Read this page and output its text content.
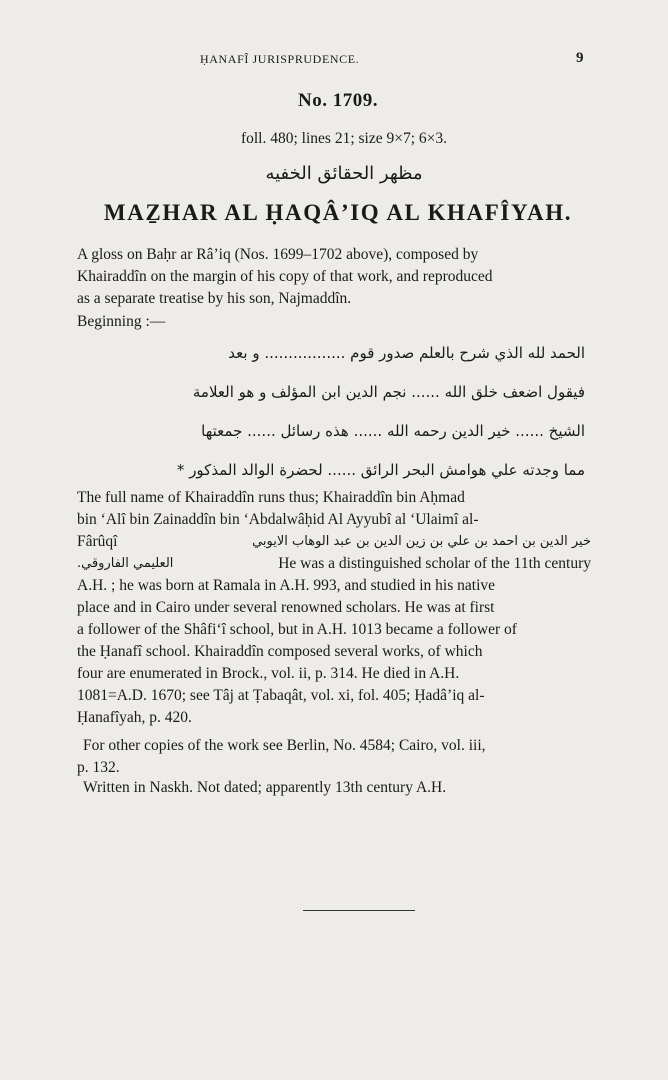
ḤANAFÎ JURISPRUDENCE.	9
No. 1709.
foll. 480; lines 21; size 9×7; 6×3.
مظهر الحقائق الخفيه
MAẔHAR AL ḤAQÂ’IQ AL KHAFÎYAH.
A gloss on Baḥr ar Râ’iq (Nos. 1699–1702 above), composed by
Khairaddîn on the margin of his copy of that work, and reproduced
as a separate treatise by his son, Najmaddîn.
Beginning :—
الحمد لله الذي شرح بالعلم صدور قوم ................. و بعد
فيقول اضعف خلق الله ...... نجم الدين ابن المؤلف و هو العلامة
الشيخ ...... خير الدين رحمه الله ...... هذه رسائل ...... جمعتها
مما وجدته علي هوامش البحر الرائق ...... لحضرة الوالد المذكور *
The full name of Khairaddîn runs thus; Khairaddîn bin Aḥmad
bin ‘Alî bin Zainaddîn bin ‘Abdalwâḥid Al Ayyubî al ‘Ulaimî al-
Fârûqî	خير الدين بن احمد بن علي بن زين الدين بن عبد الوهاب الايوبي
العليمي الفاروقي.	He was a distinguished scholar of the 11th century
A.H. ; he was born at Ramala in A.H. 993, and studied in his native
place and in Cairo under several renowned scholars. He was at first
a follower of the Shâfi‘î school, but in A.H. 1013 became a follower of
the Ḥanafî school. Khairaddîn composed several works, of which
four are enumerated in Brock., vol. ii, p. 314. He died in A.H.
1081=A.D. 1670; see Tâj at Ṭabaqât, vol. xi, fol. 405; Ḥadâ’iq al-
Ḥanafîyah, p. 420.
For other copies of the work see Berlin, No. 4584; Cairo, vol. iii,
p. 132.
Written in Naskh. Not dated; apparently 13th century A.H.
